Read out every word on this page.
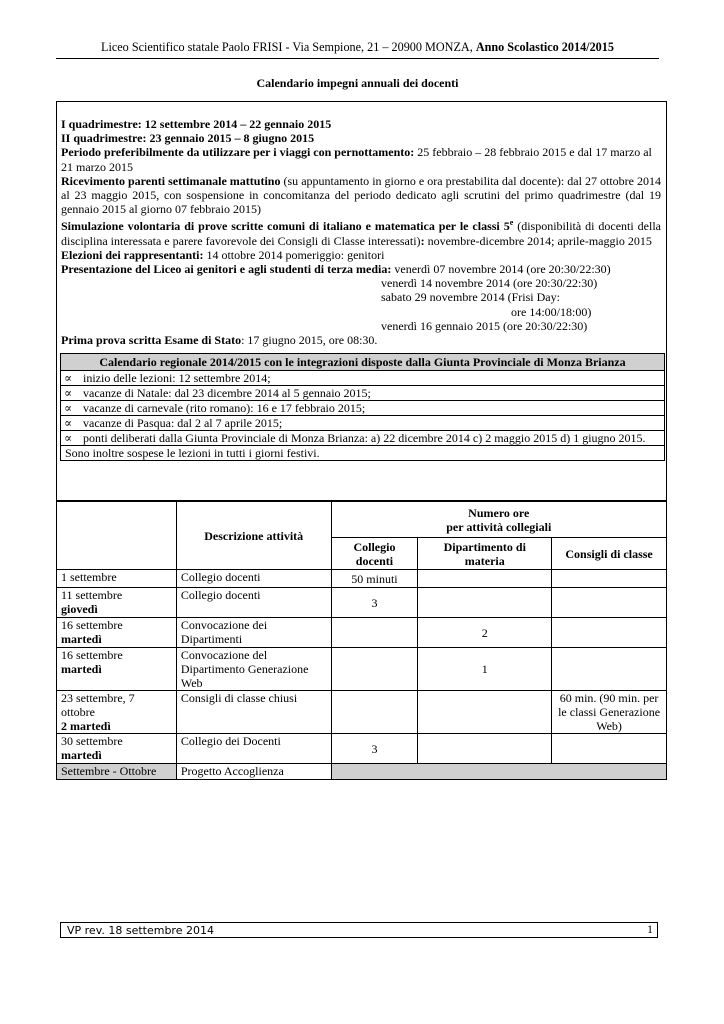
Liceo Scientifico statale Paolo FRISI - Via Sempione, 21 – 20900 MONZA, Anno Scolastico 2014/2015
Calendario impegni annuali dei docenti

I quadrimestre: 12 settembre 2014 – 22 gennaio 2015

II quadrimestre: 23 gennaio 2015 – 8 giugno 2015

Periodo preferibilmente da utilizzare per i viaggi con pernottamento: 25 febbraio – 28 febbraio 2015 e dal 17 marzo al 21 marzo 2015

Ricevimento parenti settimanale mattutino (su appuntamento in giorno e ora prestabilita dal docente): dal 27 ottobre 2014 al 23 maggio 2015, con sospensione in concomitanza del periodo dedicato agli scrutini del primo quadrimestre (dal 19 gennaio 2015 al giorno 07 febbraio 2015)

Simulazione volontaria di prove scritte comuni di italiano e matematica per le classi 5e (disponibilità di docenti della disciplina interessata e parere favorevole dei Consigli di Classe interessati): novembre-dicembre 2014; aprile-maggio 2015

Elezioni dei rappresentanti: 14 ottobre 2014 pomeriggio: genitori

Presentazione del Liceo ai genitori e agli studenti di terza media: venerdì 07 novembre 2014 (ore 20:30/22:30)

venerdì 14 novembre 2014 (ore 20:30/22:30)

sabato 29 novembre 2014 (Frisi Day:

ore 14:00/18:00)

venerdì 16 gennaio 2015 (ore 20:30/22:30)

Prima prova scritta Esame di Stato: 17 giugno 2015, ore 08:30.

Calendario regionale 2014/2015 con le integrazioni disposte dalla Giunta Provinciale di Monza Brianza	
∝	inizio delle lezioni: 12 settembre 2014;
∝	vacanze di Natale: dal 23 dicembre 2014 al 5 gennaio 2015;
∝	vacanze di carnevale (rito romano): 16 e 17 febbraio 2015;
∝	vacanze di Pasqua: dal 2 al 7 aprile 2015;
∝	ponti deliberati dalla Giunta Provinciale di Monza Brianza: a) 22 dicembre 2014 c) 2 maggio 2015 d) 1 giugno 2015.
Sono inoltre sospese le lezioni in tutti i giorni festivi.	
	Descrizione attività	Numero ore
per attività collegiali		

		Collegio docenti	Dipartimento di materia	Consigli di classe
1 settembre	Collegio docenti	50 minuti		

11 settembre
giovedì	Collegio docenti	3		

16 settembre
martedì	Convocazione dei Dipartimenti		2	

16 settembre
martedì	Convocazione del Dipartimento Generazione Web		1	

23 settembre, 7 ottobre
2 martedì	Consigli di classe chiusi			60 min. (90 min. per le classi Generazione Web)

30 settembre
martedì	Collegio dei Docenti	3		
Settembre - Ottobre	Progetto Accoglienza			
VP rev. 18 settembre 2014	1
